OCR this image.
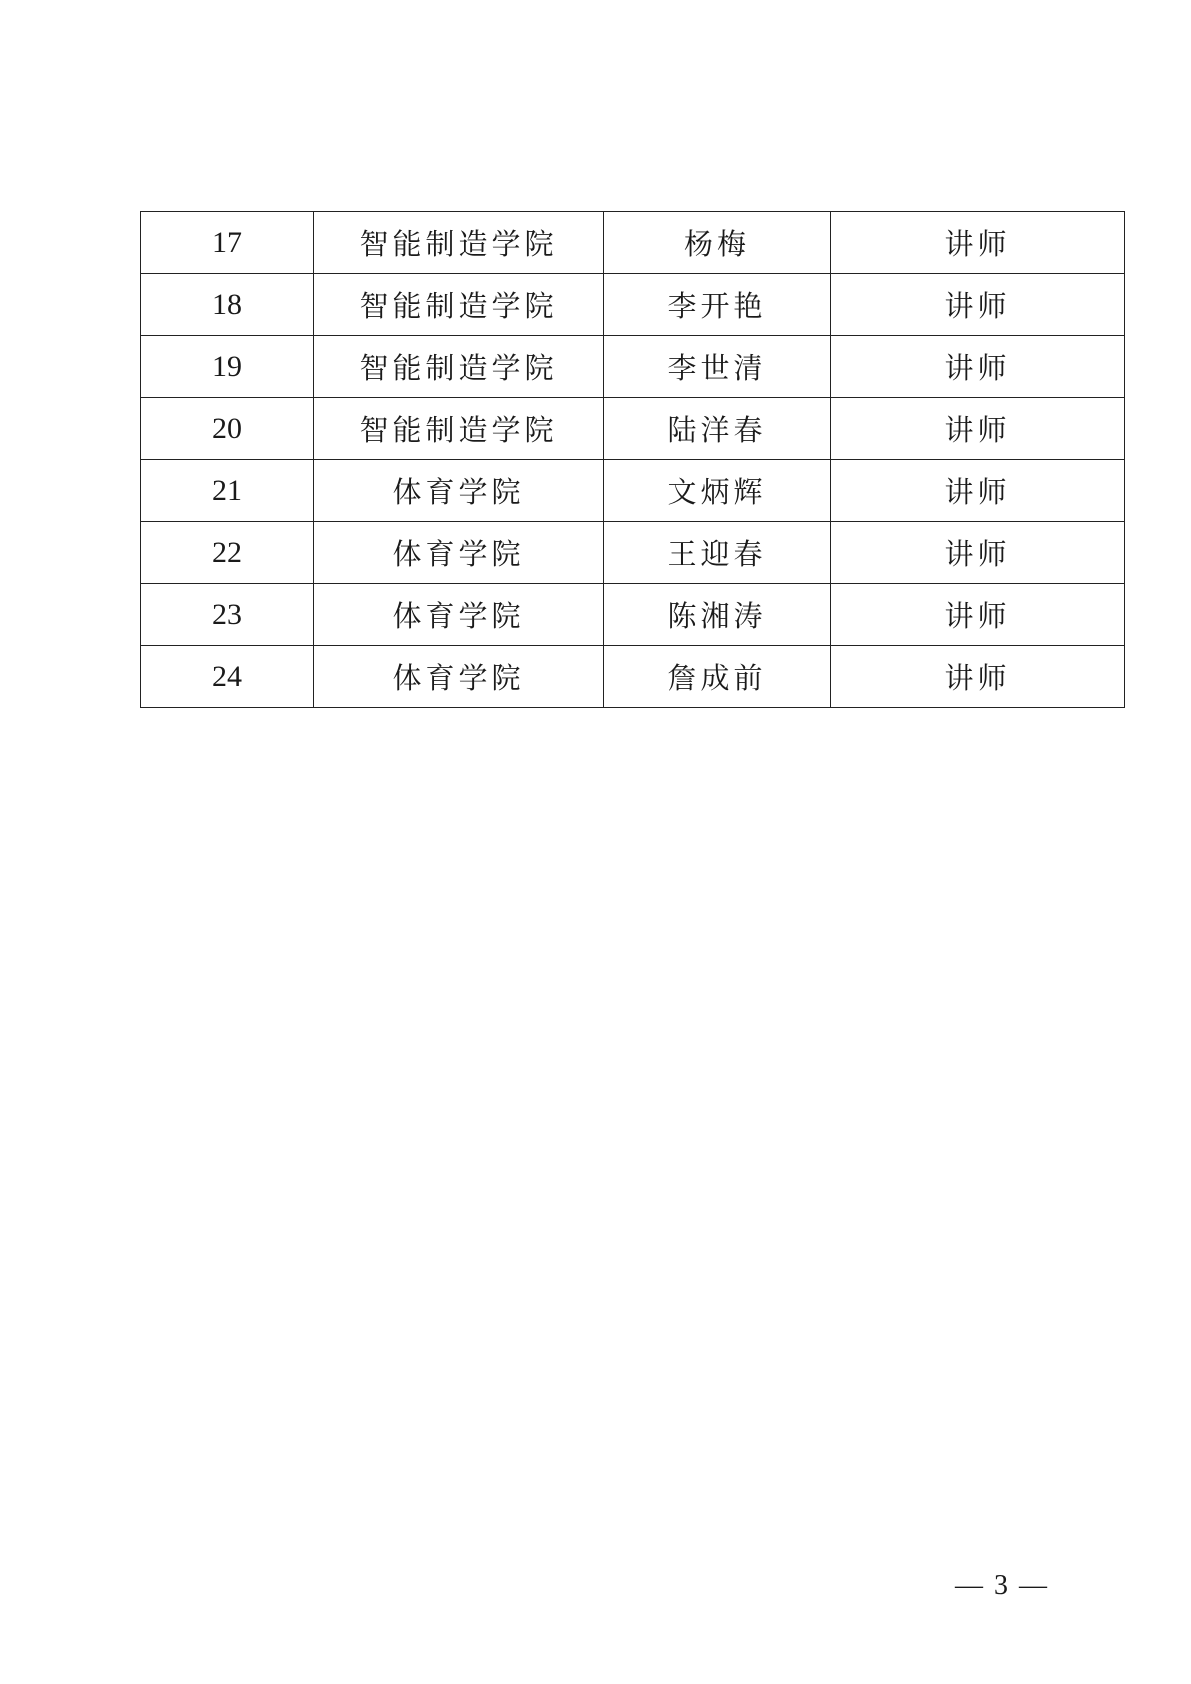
17	智能制造学院	杨梅	讲师
18	智能制造学院	李开艳	讲师
19	智能制造学院	李世清	讲师
20	智能制造学院	陆洋春	讲师
21	体育学院	文炳辉	讲师
22	体育学院	王迎春	讲师
23	体育学院	陈湘涛	讲师
24	体育学院	詹成前	讲师
— 3 —
